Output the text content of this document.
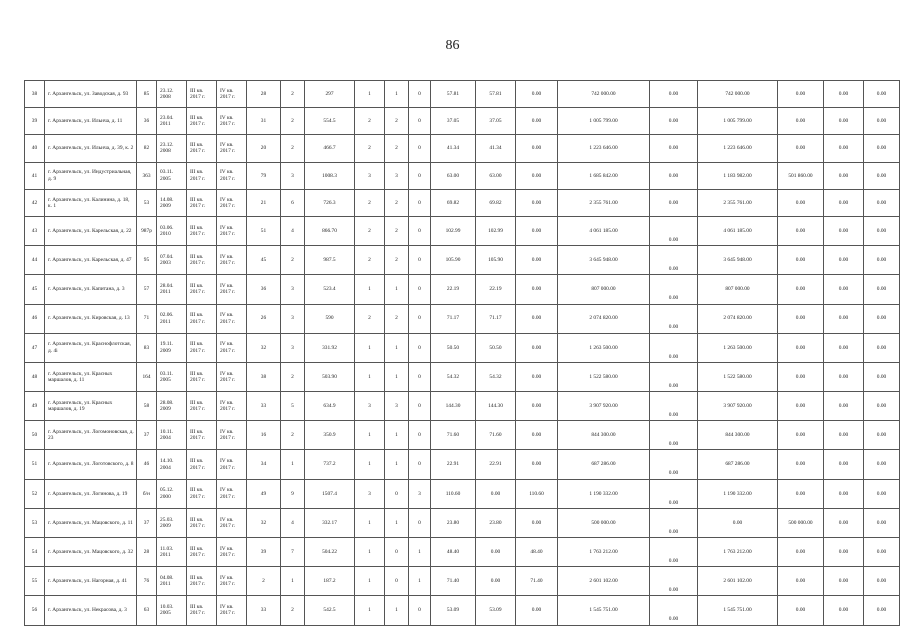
86
38	г. Архангельск, ул. Заводская, д. 93	85	23.12. 2008	III кв. 2017 г.	IV кв. 2017 г.	28	2	297	1	1	0	57.81	57.81	0.00	742 000.00	0.00	742 000.00	0.00	0.00	0.00
39	г. Архангельск, ул. Ильича, д. 11	36	23.04. 2011	III кв. 2017 г.	IV кв. 2017 г.	31	2	554.5	2	2	0	37.05	37.05	0.00	1 005 799.00	0.00	1 005 799.00	0.00	0.00	0.00
40	г. Архангельск, ул. Ильича, д. 39, к. 2	82	23.12. 2008	III кв. 2017 г.	IV кв. 2017 г.	20	2	466.7	2	2	0	41.34	41.34	0.00	1 223 646.00	0.00	1 223 646.00	0.00	0.00	0.00
41	г. Архангельск, ул. Индустриальная, д. 9	363	03.11. 2005	III кв. 2017 г.	IV кв. 2017 г.	79	3	1008.3	3	3	0	63.00	63.00	0.00	1 685 842.00	0.00	1 183 982.00	501 860.00	0.00	0.00
42	г. Архангельск, ул. Калинина, д. 18, к. 1	53	14.08. 2009	III кв. 2017 г.	IV кв. 2017 г.	21	6	726.3	2	2	0	69.82	69.82	0.00	2 355 761.00	0.00	2 355 761.00	0.00	0.00	0.00
43	г. Архангельск, ул. Карельская, д. 22	987р	03.06. 2010	III кв. 2017 г.	IV кв. 2017 г.	51	4	866.70	2	2	0	102.99	102.99	0.00	4 061 185.00	0.00	4 061 185.00	0.00	0.00	0.00
44	г. Архангельск, ул. Карельская, д. 47	95	07.04. 2003	III кв. 2017 г.	IV кв. 2017 г.	45	2	987.5	2	2	0	105.90	105.90	0.00	3 645 948.00	0.00	3 645 948.00	0.00	0.00	0.00
45	г. Архангельск, ул. Капитана, д. 3	57	28.04. 2011	III кв. 2017 г.	IV кв. 2017 г.	36	3	523.4	1	1	0	22.19	22.19	0.00	807 000.00	0.00	807 000.00	0.00	0.00	0.00
46	г. Архангельск, ул. Кировская, д. 13	71	02.06. 2011	III кв. 2017 г.	IV кв. 2017 г.	26	3	590	2	2	0	71.17	71.17	0.00	2 074 820.00	0.00	2 074 820.00	0.00	0.00	0.00
47	г. Архангельск, ул. Краснофлотская, д. 4i	83	19.11. 2009	III кв. 2017 г.	IV кв. 2017 г.	32	3	331.92	1	1	0	50.50	50.50	0.00	1 263 500.00	0.00	1 263 500.00	0.00	0.00	0.00
48	г. Архангельск, ул. Красных маршалов, д. 11	164	03.11. 2005	III кв. 2017 г.	IV кв. 2017 г.	38	2	503.90	1	1	0	54.32	54.32	0.00	1 522 580.00	0.00	1 522 580.00	0.00	0.00	0.00
49	г. Архангельск, ул. Красных маршалов, д. 19	58	28.08. 2009	III кв. 2017 г.	IV кв. 2017 г.	33	5	634.9	3	3	0	144.30	144.30	0.00	3 907 920.00	0.00	3 907 920.00	0.00	0.00	0.00
50	г. Архангельск, ул. Логомоновская, д. 23	37	10.11. 2004	III кв. 2017 г.	IV кв. 2017 г.	16	2	350.9	1	1	0	71.60	71.60	0.00	844 300.00	0.00	844 300.00	0.00	0.00	0.00
51	г. Архангельск, ул. Логотовского, д. 8	46	14.10. 2004	III кв. 2017 г.	IV кв. 2017 г.	34	1	737.2	1	1	0	22.91	22.91	0.00	687 286.00	0.00	687 286.00	0.00	0.00	0.00
52	г. Архангельск, ул. Логинова, д. 19	б/н	05.12. 2000	III кв. 2017 г.	IV кв. 2017 г.	49	9	1507.4	3	0	3	110.60	0.00	110.60	1 190 332.00	0.00	1 190 332.00	0.00	0.00	0.00
53	г. Архангельск, ул. Мацовского, д. 11	37	25.03. 2009	III кв. 2017 г.	IV кв. 2017 г.	32	4	332.17	1	1	0	23.80	23.80	0.00	500 000.00	0.00	0.00	500 000.00	0.00	0.00
54	г. Архангельск, ул. Мацовского, д. 32	28	11.03. 2011	III кв. 2017 г.	IV кв. 2017 г.	39	7	504.22	1	0	1	48.40	0.00	48.40	1 763 212.00	0.00	1 763 212.00	0.00	0.00	0.00
55	г. Архангельск, ул. Нагорная, д. 41	76	04.08. 2011	III кв. 2017 г.	IV кв. 2017 г.	2	1	187.2	1	0	1	71.40	0.00	71.40	2 601 102.00	0.00	2 601 102.00	0.00	0.00	0.00
56	г. Архангельск, ул. Некрасова, д. 3	63	10.03. 2005	III кв. 2017 г.	IV кв. 2017 г.	33	2	542.5	1	1	0	53.09	53.09	0.00	1 545 751.00	0.00	1 545 751.00	0.00	0.00	0.00
